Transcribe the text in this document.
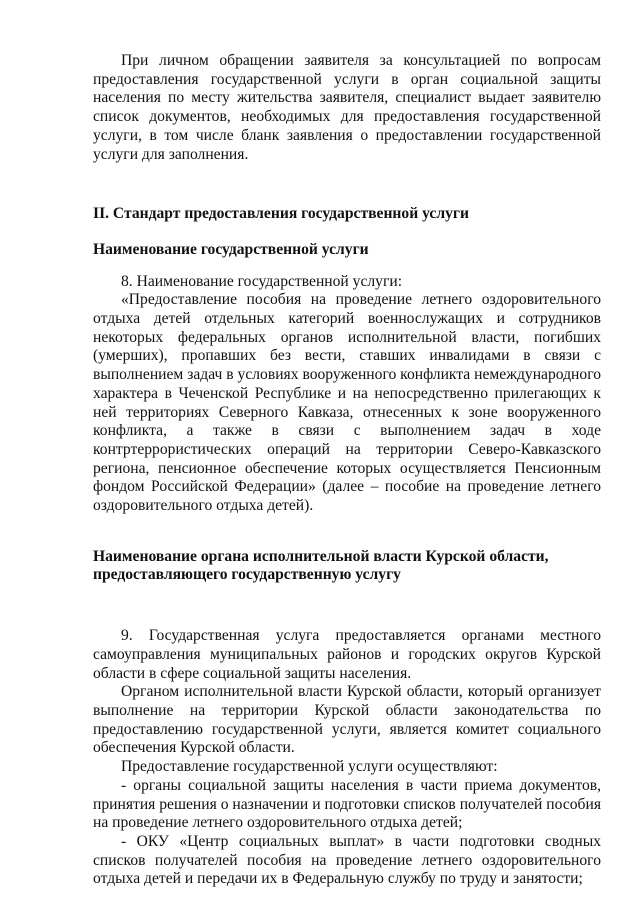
При личном обращении заявителя за консультацией по вопросам предоставления государственной услуги в орган социальной защиты населения по месту жительства заявителя, специалист выдает заявителю список документов, необходимых для предоставления государственной услуги, в том числе бланк заявления о предоставлении государственной услуги для заполнения.

II. Стандарт предоставления государственной услуги

Наименование государственной услуги

8. Наименование государственной услуги:

«Предоставление пособия на проведение летнего оздоровительного отдыха детей отдельных категорий военнослужащих и сотрудников некоторых федеральных органов исполнительной власти, погибших (умерших), пропавших без вести, ставших инвалидами в связи с выполнением задач в условиях вооруженного конфликта немеждународного характера в Чеченской Республике и на непосредственно прилегающих к ней территориях Северного Кавказа, отнесенных к зоне вооруженного конфликта, а также в связи с выполнением задач в ходе контртеррористических операций на территории Северо-Кавказского региона, пенсионное обеспечение которых осуществляется Пенсионным фондом Российской Федерации» (далее – пособие на проведение летнего оздоровительного отдыха детей).

Наименование органа исполнительной власти Курской области,

предоставляющего государственную услугу

9. Государственная услуга предоставляется органами местного самоуправления муниципальных районов и городских округов Курской области в сфере социальной защиты населения.

Органом исполнительной власти Курской области, который организует выполнение на территории Курской области законодательства по предоставлению государственной услуги, является комитет социального обеспечения Курской области.

Предоставление государственной услуги осуществляют:

- органы социальной защиты населения в части приема документов, принятия решения о назначении и подготовки списков получателей пособия на проведение летнего оздоровительного отдыха детей;

- ОКУ «Центр социальных выплат» в части подготовки сводных списков получателей пособия на проведение летнего оздоровительного отдыха детей и передачи их в Федеральную службу по труду и занятости;
